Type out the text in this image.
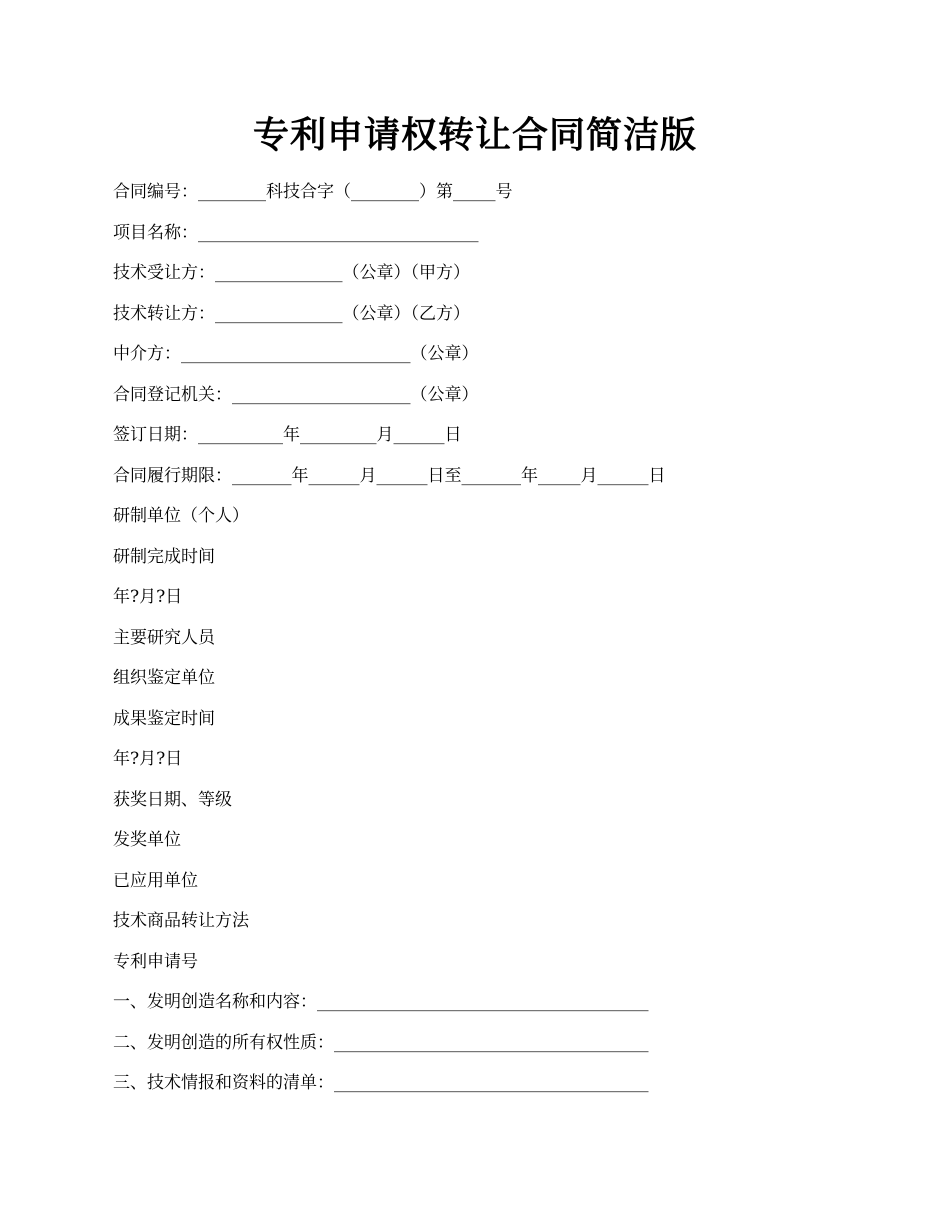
专利申请权转让合同简洁版
合同编号：________科技合字（________）第_____号
项目名称：_________________________________
技术受让方：_______________（公章）（甲方）
技术转让方：_______________（公章）（乙方）
中介方：___________________________（公章）
合同登记机关：_____________________（公章）
签订日期：__________年_________月______日
合同履行期限：_______年______月______日至_______年_____月______日
研制单位（个人）
研制完成时间
年?月?日
主要研究人员
组织鉴定单位
成果鉴定时间
年?月?日
获奖日期、等级
发奖单位
已应用单位
技术商品转让方法
专利申请号
一、发明创造名称和内容：_______________________________________
二、发明创造的所有权性质：_____________________________________
三、技术情报和资料的清单：_____________________________________
